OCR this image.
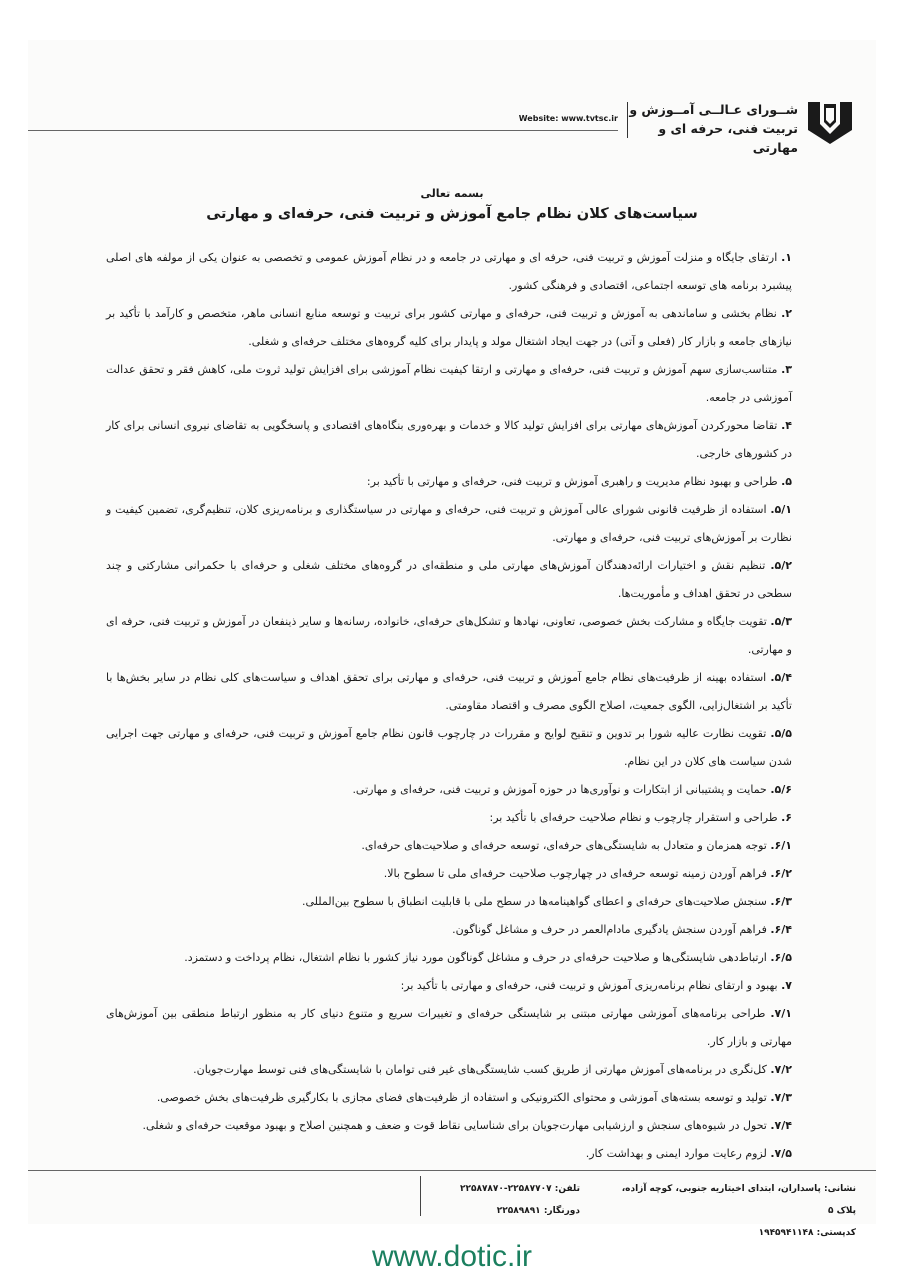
شــورای عـالــی آمــوزش و
تربیت فنی، حرفه ای و مهارتی
Website: www.tvtsc.ir
بسمه تعالی
سیاست‌های کلان نظام جامع آموزش و تربیت فنی، حرفه‌ای و مهارتی

۱. ارتقای جایگاه و منزلت آموزش و تربیت فنی، حرفه ای و مهارتی در جامعه و در نظام آموزش عمومی و تخصصی به عنوان یکی از مولفه های اصلی پیشبرد برنامه های توسعه اجتماعی، اقتصادی و فرهنگی کشور.

۲. نظام بخشی و ساماندهی به آموزش و تربیت فنی، حرفه‌ای و مهارتی کشور برای تربیت و توسعه منابع انسانی ماهر، متخصص و کارآمد با تأکید بر نیازهای جامعه و بازار کار (فعلی و آتی) در جهت ایجاد اشتغال مولد و پایدار برای کلیه گروه‌های مختلف حرفه‌ای و شغلی.

۳. متناسب‌سازی سهم آموزش و تربیت فنی، حرفه‌ای و مهارتی و ارتقا کیفیت نظام آموزشی برای افزایش تولید ثروت ملی، کاهش فقر و تحقق عدالت آموزشی در جامعه.

۴. تقاضا محورکردن آموزش‌های مهارتی برای افزایش تولید کالا و خدمات و بهره‌وری بنگاه‌های اقتصادی و پاسخگویی به تقاضای نیروی انسانی برای کار در کشورهای خارجی.

۵. طراحی و بهبود نظام مدیریت و راهبری آموزش و تربیت فنی، حرفه‌ای و مهارتی با تأکید بر:

۵/۱. استفاده از ظرفیت قانونی شورای عالی آموزش و تربیت فنی، حرفه‌ای و مهارتی در سیاستگذاری و برنامه‌ریزی کلان، تنظیم‌گری، تضمین کیفیت و نظارت بر آموزش‌های تربیت فنی، حرفه‌ای و مهارتی.

۵/۲. تنظیم نقش و اختیارات ارائه‌دهندگان آموزش‌های مهارتی ملی و منطقه‌ای در گروه‌های مختلف شغلی و حرفه‌ای با حکمرانی مشارکتی و چند سطحی در تحقق اهداف و مأموریت‌ها.

۵/۳. تقویت جایگاه و مشارکت بخش خصوصی، تعاونی، نهادها و تشکل‌های حرفه‌ای، خانواده، رسانه‌ها و سایر ذینفعان در آموزش و تربیت فنی، حرفه ای و مهارتی.

۵/۴. استفاده بهینه از ظرفیت‌های نظام جامع آموزش و تربیت فنی، حرفه‌ای و مهارتی برای تحقق اهداف و سیاست‌های کلی نظام در سایر بخش‌ها با تأکید بر اشتغال‌زایی، الگوی جمعیت، اصلاح الگوی مصرف و اقتصاد مقاومتی.

۵/۵. تقویت نظارت عالیه شورا بر تدوین و تنقیح لوایح و مقررات در چارچوب قانون نظام جامع آموزش و تربیت فنی، حرفه‌ای و مهارتی جهت اجرایی شدن سیاست های کلان در این نظام.

۵/۶. حمایت و پشتیبانی از ابتکارات و نوآوری‌ها در حوزه آموزش و تربیت فنی، حرفه‌ای و مهارتی.

۶. طراحی و استقرار چارچوب و نظام صلاحیت حرفه‌ای با تأکید بر:

۶/۱. توجه همزمان و متعادل به شایستگی‌های حرفه‌ای، توسعه حرفه‌ای و صلاحیت‌های حرفه‌ای.

۶/۲. فراهم آوردن زمینه توسعه حرفه‌ای در چهارچوب صلاحیت حرفه‌ای ملی تا سطوح بالا.

۶/۳. سنجش صلاحیت‌های حرفه‌ای و اعطای گواهینامه‌ها در سطح ملی با قابلیت انطباق با سطوح بین‌المللی.

۶/۴. فراهم آوردن سنجش یادگیری مادام‌العمر در حرف و مشاغل گوناگون.

۶/۵. ارتباط‌دهی شایستگی‌ها و صلاحیت حرفه‌ای در حرف و مشاغل گوناگون مورد نیاز کشور با نظام اشتغال، نظام پرداخت و دستمزد.

۷. بهبود و ارتقای نظام برنامه‌ریزی آموزش و تربیت فنی، حرفه‌ای و مهارتی با تأکید بر:

۷/۱. طراحی برنامه‌های آموزشی مهارتی مبتنی بر شایستگی حرفه‌ای و تغییرات سریع و متنوع دنیای کار به منظور ارتباط منطقی بین آموزش‌های مهارتی و بازار کار.

۷/۲. کل‌نگری در برنامه‌های آموزش مهارتی از طریق کسب شایستگی‌های غیر فنی توامان با شایستگی‌های فنی توسط مهارت‌جویان.

۷/۳. تولید و توسعه بسته‌های آموزشی و محتوای الکترونیکی و استفاده از ظرفیت‌های فضای مجازی با بکارگیری ظرفیت‌های بخش خصوصی.

۷/۴. تحول در شیوه‌های سنجش و ارزشیابی مهارت‌جویان برای شناسایی نقاط قوت و ضعف و همچنین اصلاح و بهبود موقعیت حرفه‌ای و شغلی.

۷/۵. لزوم رعایت موارد ایمنی و بهداشت کار.

نشانی: پاسداران، ابتدای اخیتاریه جنوبی، کوچه آزاده، پلاک ۵
کدپستی: ۱۹۴۵۹۴۱۱۴۸
تلفن: ۲۲۵۸۷۷۰۷-۲۲۵۸۷۸۷۰
دورنگار: ۲۲۵۸۹۸۹۱
www.dotic.ir
